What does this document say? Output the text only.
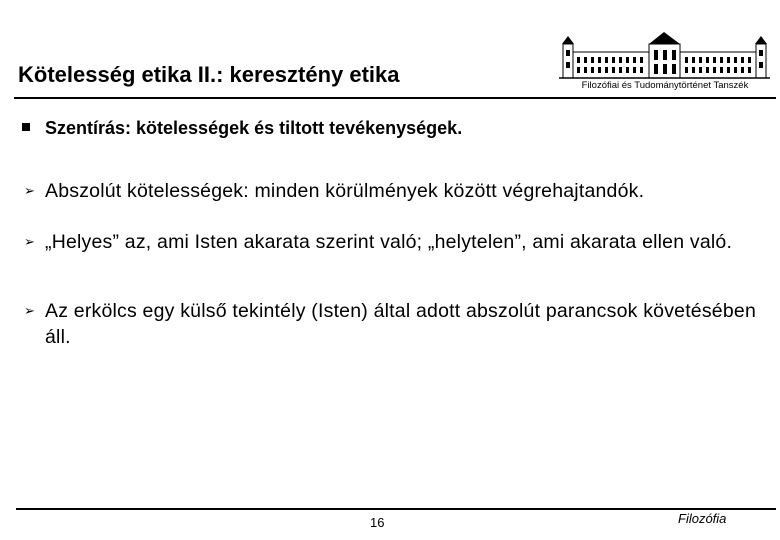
Kötelesség etika II.: keresztény etika	Filozófiai és Tudománytörténet Tanszék
Szentírás: kötelességek és tiltott tevékenységek.
➢ Abszolút kötelességek: minden körülmények között végrehajtandók.
➢ „Helyes” az, ami Isten akarata szerint való; „helytelen”, ami akarata ellen való.
➢ Az erkölcs egy külső tekintély (Isten) által adott abszolút parancsok követésében áll.
16	Filozófia
